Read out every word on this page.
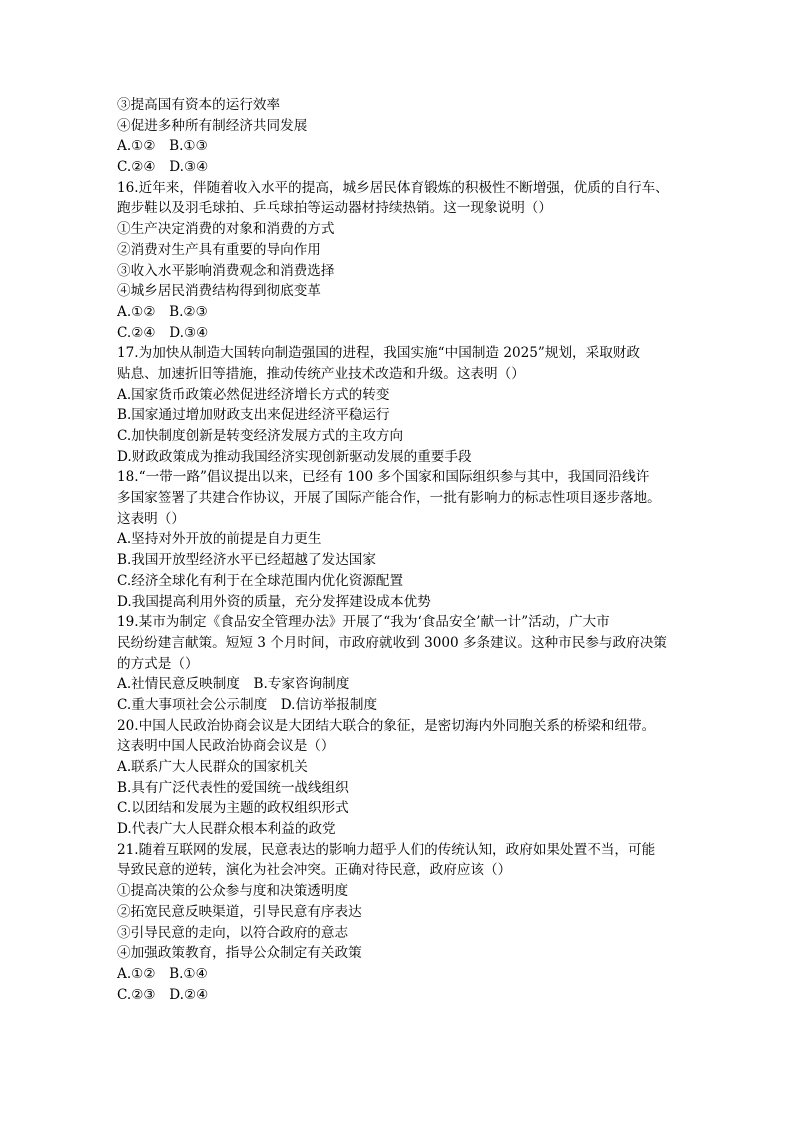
③提高国有资本的运行效率
④促进多种所有制经济共同发展
A.①②　B.①③
C.②④　D.③④
16.近年来，伴随着收入水平的提高，城乡居民体育锻炼的积极性不断增强，优质的自行车、
跑步鞋以及羽毛球拍、乒乓球拍等运动器材持续热销。这一现象说明（）
①生产决定消费的对象和消费的方式
②消费对生产具有重要的导向作用
③收入水平影响消费观念和消费选择
④城乡居民消费结构得到彻底变革
A.①②　B.②③
C.②④　D.③④
17.为加快从制造大国转向制造强国的进程，我国实施“中国制造 2025”规划，采取财政
贴息、加速折旧等措施，推动传统产业技术改造和升级。这表明（）
A.国家货币政策必然促进经济增长方式的转变
B.国家通过增加财政支出来促进经济平稳运行
C.加快制度创新是转变经济发展方式的主攻方向
D.财政政策成为推动我国经济实现创新驱动发展的重要手段
18.“一带一路”倡议提出以来，已经有 100 多个国家和国际组织参与其中，我国同沿线许
多国家签署了共建合作协议，开展了国际产能合作，一批有影响力的标志性项目逐步落地。
这表明（）
A.坚持对外开放的前提是自力更生
B.我国开放型经济水平已经超越了发达国家
C.经济全球化有利于在全球范围内优化资源配置
D.我国提高利用外资的质量，充分发挥建设成本优势
19.某市为制定《食品安全管理办法》开展了“我为‘食品安全’献一计”活动，广大市
民纷纷建言献策。短短 3 个月时间，市政府就收到 3000 多条建议。这种市民参与政府决策
的方式是（）
A.社情民意反映制度　B.专家咨询制度
C.重大事项社会公示制度　D.信访举报制度
20.中国人民政治协商会议是大团结大联合的象征，是密切海内外同胞关系的桥梁和纽带。
这表明中国人民政治协商会议是（）
A.联系广大人民群众的国家机关
B.具有广泛代表性的爱国统一战线组织
C.以团结和发展为主题的政权组织形式
D.代表广大人民群众根本利益的政党
21.随着互联网的发展，民意表达的影响力超乎人们的传统认知，政府如果处置不当，可能
导致民意的逆转，演化为社会冲突。正确对待民意，政府应该（）
①提高决策的公众参与度和决策透明度
②拓宽民意反映渠道，引导民意有序表达
③引导民意的走向，以符合政府的意志
④加强政策教育，指导公众制定有关政策
A.①②　B.①④
C.②③　D.②④
